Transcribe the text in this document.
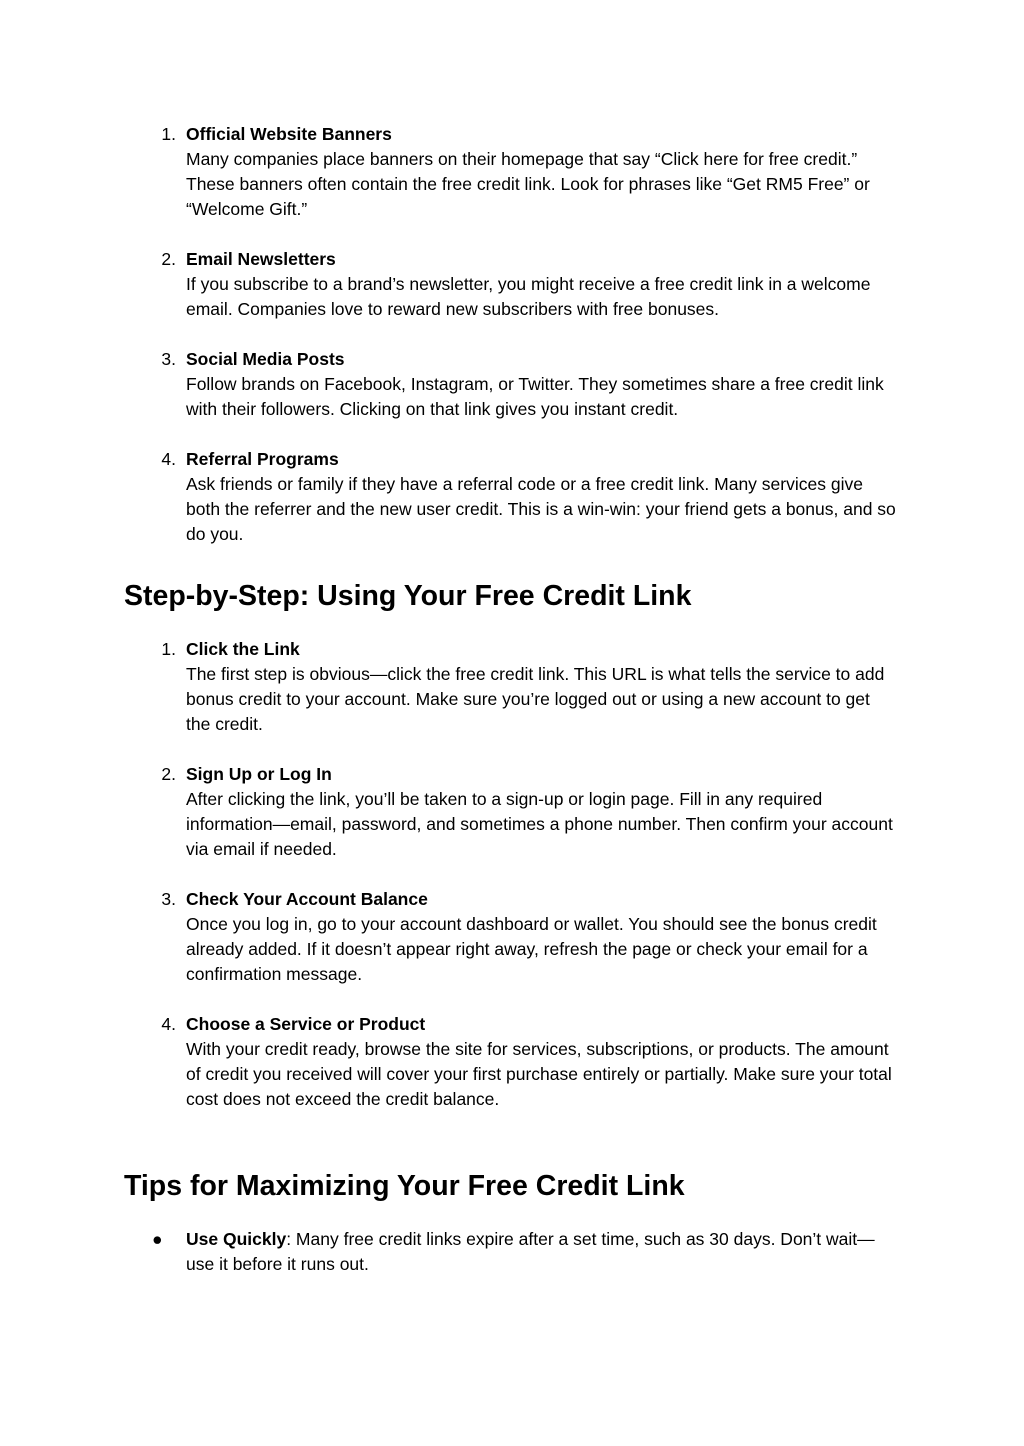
1. Official Website Banners
Many companies place banners on their homepage that say “Click here for free credit.” These banners often contain the free credit link. Look for phrases like “Get RM5 Free” or “Welcome Gift.”
2. Email Newsletters
If you subscribe to a brand’s newsletter, you might receive a free credit link in a welcome email. Companies love to reward new subscribers with free bonuses.
3. Social Media Posts
Follow brands on Facebook, Instagram, or Twitter. They sometimes share a free credit link with their followers. Clicking on that link gives you instant credit.
4. Referral Programs
Ask friends or family if they have a referral code or a free credit link. Many services give both the referrer and the new user credit. This is a win-win: your friend gets a bonus, and so do you.
Step-by-Step: Using Your Free Credit Link
1. Click the Link
The first step is obvious—click the free credit link. This URL is what tells the service to add bonus credit to your account. Make sure you’re logged out or using a new account to get the credit.
2. Sign Up or Log In
After clicking the link, you’ll be taken to a sign-up or login page. Fill in any required information—email, password, and sometimes a phone number. Then confirm your account via email if needed.
3. Check Your Account Balance
Once you log in, go to your account dashboard or wallet. You should see the bonus credit already added. If it doesn’t appear right away, refresh the page or check your email for a confirmation message.
4. Choose a Service or Product
With your credit ready, browse the site for services, subscriptions, or products. The amount of credit you received will cover your first purchase entirely or partially. Make sure your total cost does not exceed the credit balance.
Tips for Maximizing Your Free Credit Link
● Use Quickly: Many free credit links expire after a set time, such as 30 days. Don’t wait—use it before it runs out.
